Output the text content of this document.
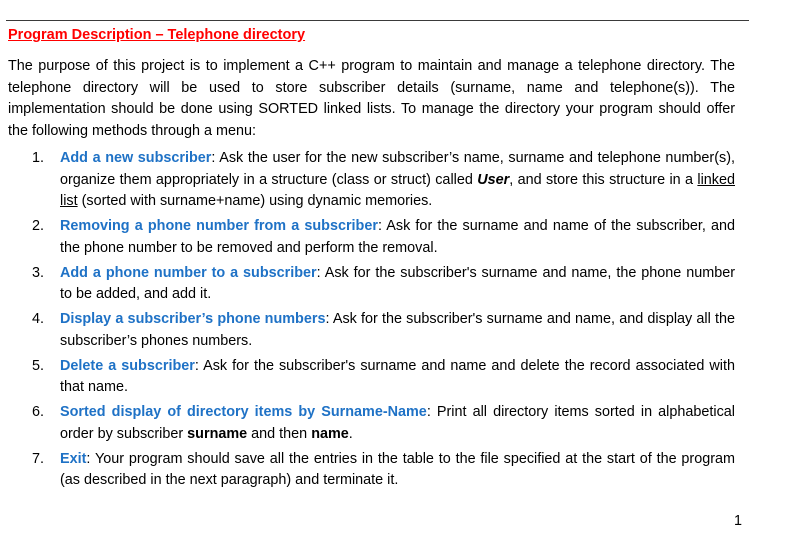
Program Description – Telephone directory

The purpose of this project is to implement a C++ program to maintain and manage a telephone directory. The telephone directory will be used to store subscriber details (surname, name and telephone(s)). The implementation should be done using SORTED linked lists. To manage the directory your program should offer the following methods through a menu:

1. Add a new subscriber: Ask the user for the new subscriber’s name, surname and telephone number(s), organize them appropriately in a structure (class or struct) called User, and store this structure in a linked list (sorted with surname+name) using dynamic memories.
2. Removing a phone number from a subscriber: Ask for the surname and name of the subscriber, and the phone number to be removed and perform the removal.
3. Add a phone number to a subscriber: Ask for the subscriber's surname and name, the phone number to be added, and add it.
4. Display a subscriber’s phone numbers: Ask for the subscriber's surname and name, and display all the subscriber’s phones numbers.
5. Delete a subscriber: Ask for the subscriber's surname and name and delete the record associated with that name.
6. Sorted display of directory items by Surname-Name: Print all directory items sorted in alphabetical order by subscriber surname and then name.
7. Exit: Your program should save all the entries in the table to the file specified at the start of the program (as described in the next paragraph) and terminate it.
1
